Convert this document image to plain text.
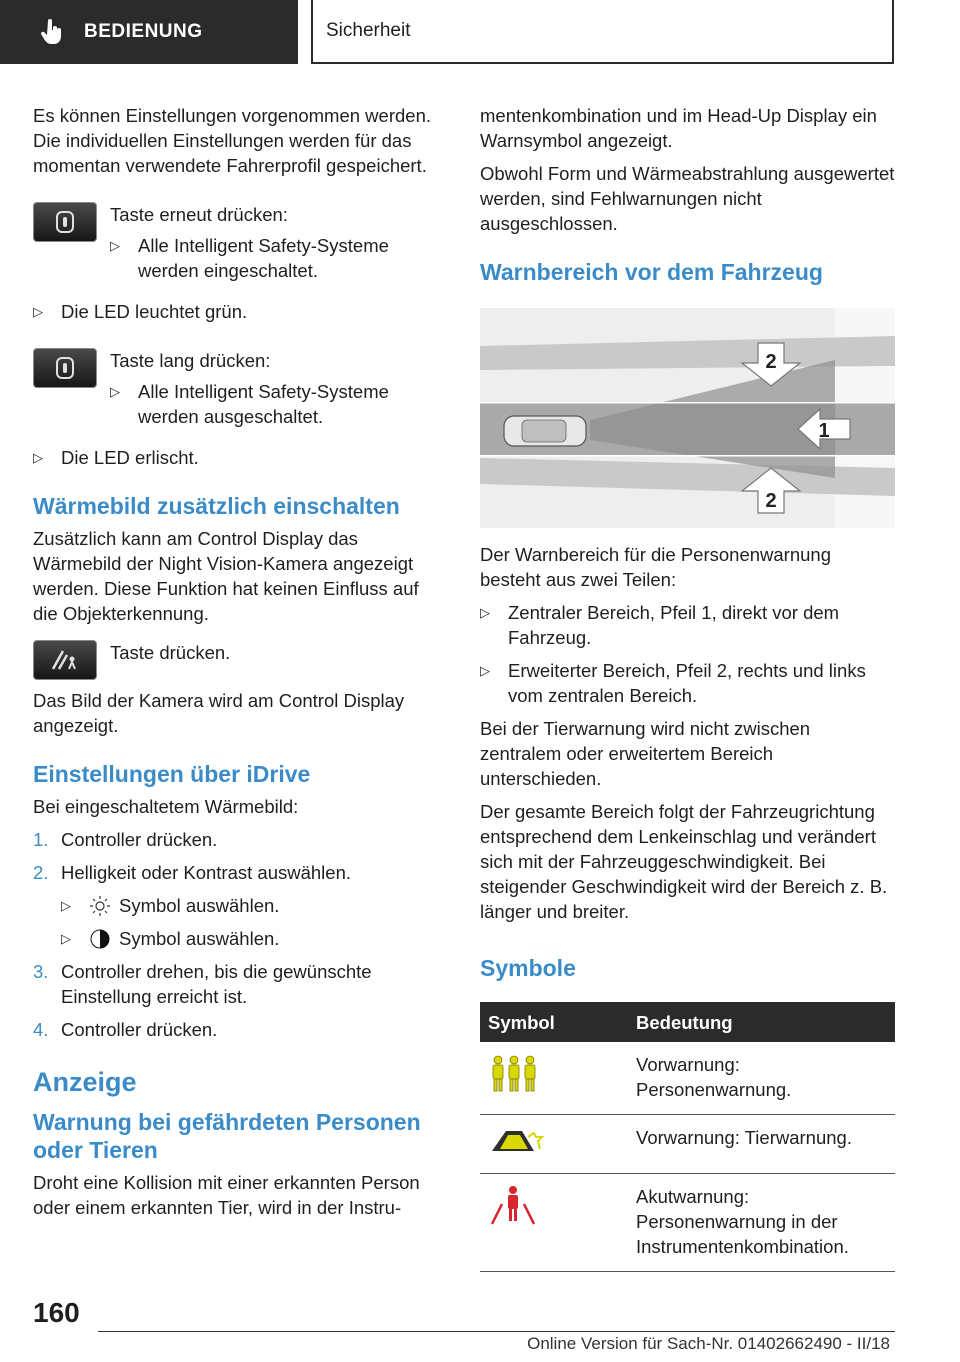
BEDIENUNG	Sicherheit

Es können Einstellungen vorgenommen werden. Die individuellen Einstellungen werden für das momentan verwendete Fahrerprofil gespeichert.

Taste erneut drücken:
▷ Alle Intelligent Safety-Systeme werden eingeschaltet.
▷ Die LED leuchtet grün.
Taste lang drücken:
▷ Alle Intelligent Safety-Systeme werden ausgeschaltet.
▷ Die LED erlischt.
Wärmebild zusätzlich einschalten

Zusätzlich kann am Control Display das Wärmebild der Night Vision-Kamera angezeigt werden. Diese Funktion hat keinen Einfluss auf die Objekterkennung.

Taste drücken.

Das Bild der Kamera wird am Control Display angezeigt.

Einstellungen über iDrive

Bei eingeschaltetem Wärmebild:

1. Controller drücken.
2. Helligkeit oder Kontrast auswählen.
▷	Symbol auswählen.
▷	Symbol auswählen.
3. Controller drehen, bis die gewünschte Einstellung erreicht ist.
4. Controller drücken.
Anzeige
Warnung bei gefährdeten Personen oder Tieren

Droht eine Kollision mit einer erkannten Person oder einem erkannten Tier, wird in der Instru-

mentenkombination und im Head-Up Display ein Warnsymbol angezeigt.

Obwohl Form und Wärmeabstrahlung ausgewertet werden, sind Fehlwarnungen nicht ausgeschlossen.

Warnbereich vor dem Fahrzeug
2
1
2

Der Warnbereich für die Personenwarnung besteht aus zwei Teilen:

▷ Zentraler Bereich, Pfeil 1, direkt vor dem Fahrzeug.
▷ Erweiterter Bereich, Pfeil 2, rechts und links vom zentralen Bereich.

Bei der Tierwarnung wird nicht zwischen zentralem oder erweitertem Bereich unterschieden.

Der gesamte Bereich folgt der Fahrzeugrichtung entsprechend dem Lenkeinschlag und verändert sich mit der Fahrzeuggeschwindigkeit. Bei steigender Geschwindigkeit wird der Bereich z. B. länger und breiter.

Symbole
Symbol	Bedeutung
	Vorwarnung: Personenwarnung.
	Vorwarnung: Tierwarnung.
	Akutwarnung: Personenwarnung in der Instrumentenkombination.
160
Online Version für Sach-Nr. 01402662490 - II/18
